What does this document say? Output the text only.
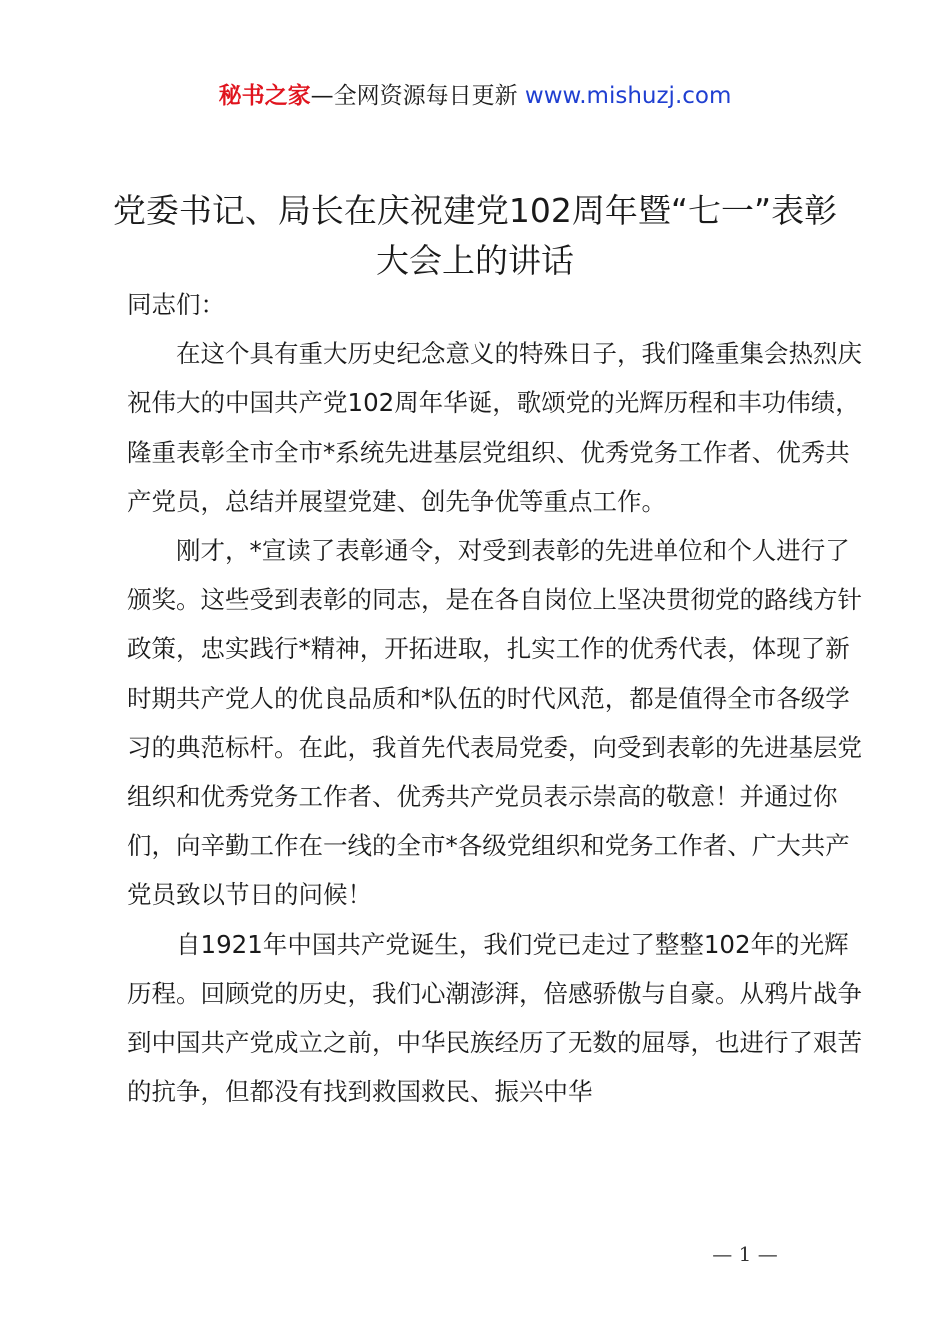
秘书之家—全网资源每日更新 www.mishuzj.com
党委书记、局长在庆祝建党102周年暨“七一”表彰大会上的讲话

同志们：

在这个具有重大历史纪念意义的特殊日子，我们隆重集会热烈庆祝伟大的中国共产党102周年华诞，歌颂党的光辉历程和丰功伟绩，隆重表彰全市全市*系统先进基层党组织、优秀党务工作者、优秀共产党员，总结并展望党建、创先争优等重点工作。

刚才，*宣读了表彰通令，对受到表彰的先进单位和个人进行了颁奖。这些受到表彰的同志，是在各自岗位上坚决贯彻党的路线方针政策，忠实践行*精神，开拓进取，扎实工作的优秀代表，体现了新时期共产党人的优良品质和*队伍的时代风范，都是值得全市各级学习的典范标杆。在此，我首先代表局党委，向受到表彰的先进基层党组织和优秀党务工作者、优秀共产党员表示崇高的敬意！并通过你们，向辛勤工作在一线的全市*各级党组织和党务工作者、广大共产党员致以节日的问候！

自1921年中国共产党诞生，我们党已走过了整整102年的光辉历程。回顾党的历史，我们心潮澎湃，倍感骄傲与自豪。从鸦片战争到中国共产党成立之前，中华民族经历了无数的屈辱，也进行了艰苦的抗争，但都没有找到救国救民、振兴中华

— 1 —
